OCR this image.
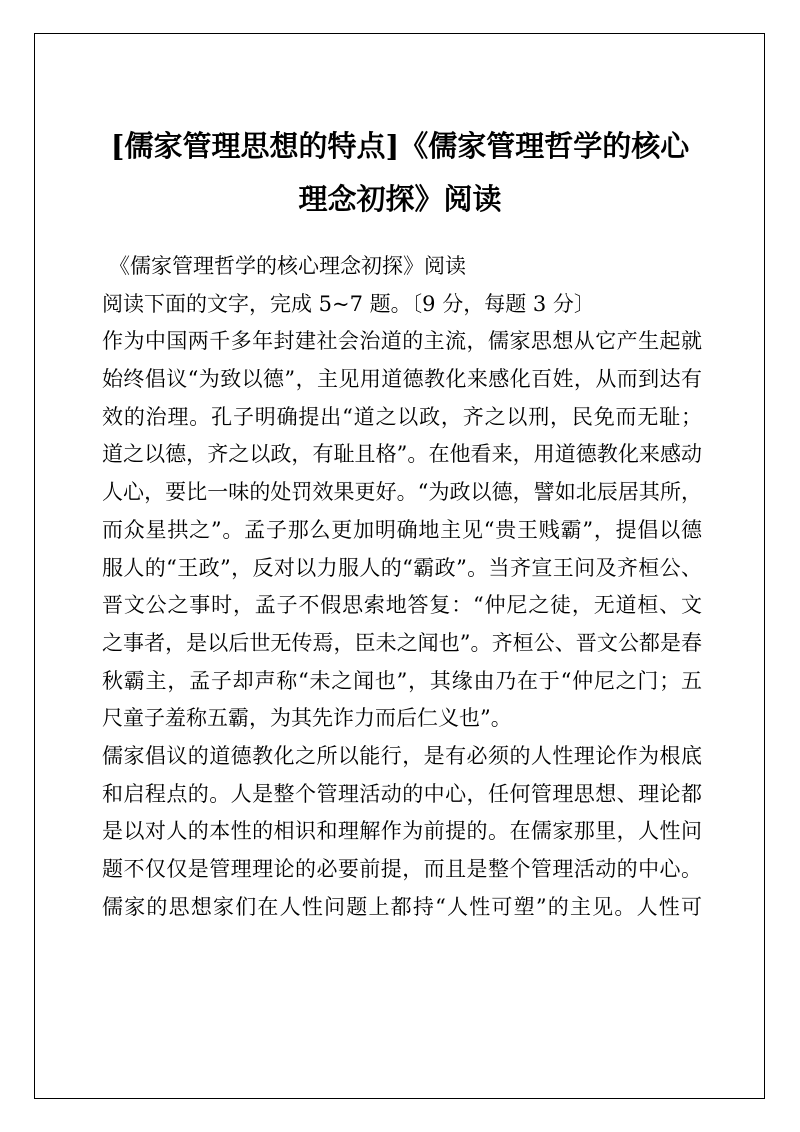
[儒家管理思想的特点]《儒家管理哲学的核心
理念初探》阅读
《儒家管理哲学的核心理念初探》阅读
阅读下面的文字，完成 5~7 题。〔9 分，每题 3 分〕
作为中国两千多年封建社会治道的主流，儒家思想从它产生起就
始终倡议“为致以德”，主见用道德教化来感化百姓，从而到达有
效的治理。孔子明确提出“道之以政，齐之以刑，民免而无耻；
道之以德，齐之以政，有耻且格”。在他看来，用道德教化来感动
人心，要比一味的处罚效果更好。“为政以德，譬如北辰居其所，
而众星拱之”。孟子那么更加明确地主见“贵王贱霸”，提倡以德
服人的“王政”，反对以力服人的“霸政”。当齐宣王问及齐桓公、
晋文公之事时，孟子不假思索地答复：“仲尼之徒，无道桓、文
之事者，是以后世无传焉，臣未之闻也”。齐桓公、晋文公都是春
秋霸主，孟子却声称“未之闻也”，其缘由乃在于“仲尼之门；五
尺童子羞称五霸，为其先诈力而后仁义也”。
儒家倡议的道德教化之所以能行，是有必须的人性理论作为根底
和启程点的。人是整个管理活动的中心，任何管理思想、理论都
是以对人的本性的相识和理解作为前提的。在儒家那里，人性问
题不仅仅是管理理论的必要前提，而且是整个管理活动的中心。
儒家的思想家们在人性问题上都持“人性可塑”的主见。人性可
